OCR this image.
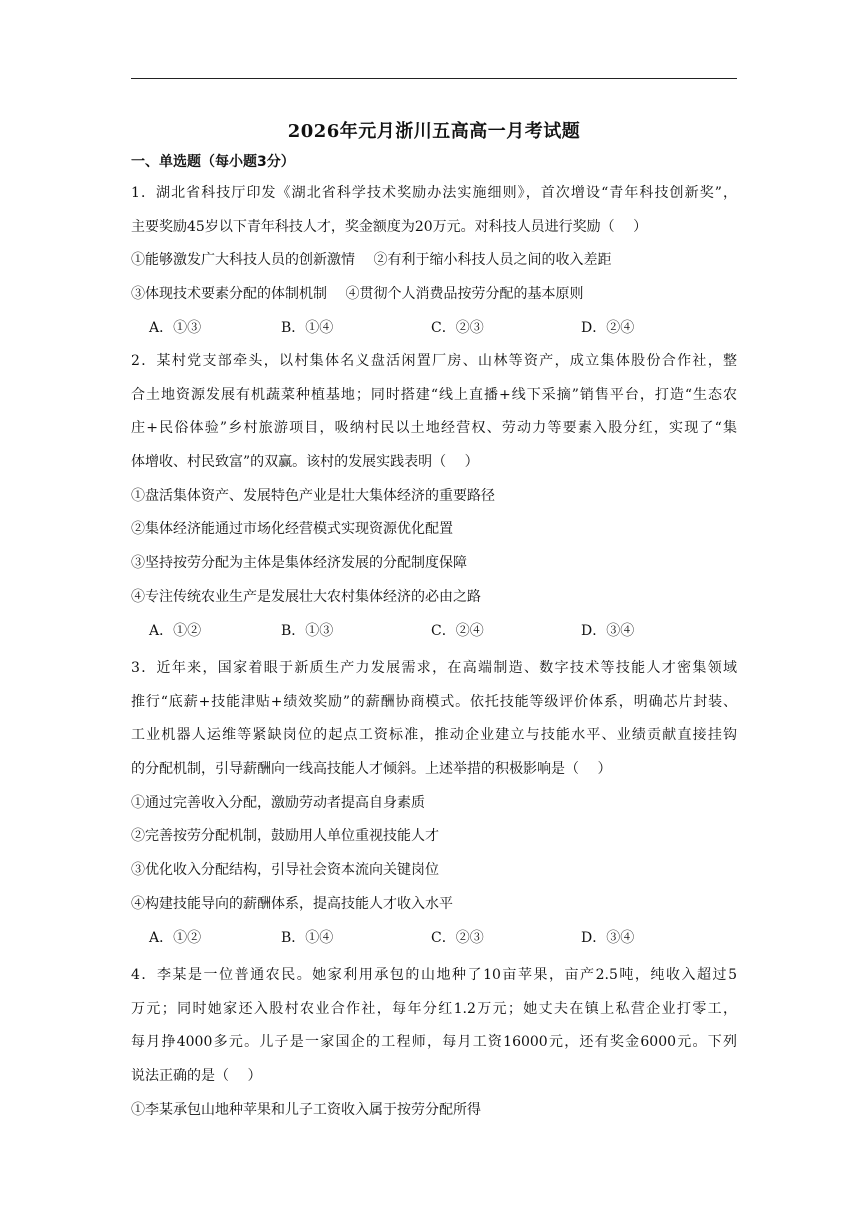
2026年元月浙川五高高一月考试题
一、单选题（每小题3分）
1．湖北省科技厅印发《湖北省科学技术奖励办法实施细则》，首次增设“青年科技创新奖”，
主要奖励45岁以下青年科技人才，奖金额度为20万元。对科技人员进行奖励（　 ）
①能够激发广大科技人员的创新激情　 ②有利于缩小科技人员之间的收入差距
③体现技术要素分配的体制机制　 ④贯彻个人消费品按劳分配的基本原则
A．①③	B．①④	C．②③	D．②④
2．某村党支部牵头，以村集体名义盘活闲置厂房、山林等资产，成立集体股份合作社，整
合土地资源发展有机蔬菜种植基地；同时搭建“线上直播+线下采摘”销售平台，打造“生态农
庄+民俗体验”乡村旅游项目，吸纳村民以土地经营权、劳动力等要素入股分红，实现了“集
体增收、村民致富”的双赢。该村的发展实践表明（　 ）
①盘活集体资产、发展特色产业是壮大集体经济的重要路径
②集体经济能通过市场化经营模式实现资源优化配置
③坚持按劳分配为主体是集体经济发展的分配制度保障
④专注传统农业生产是发展壮大农村集体经济的必由之路
A．①②	B．①③	C．②④	D．③④
3．近年来，国家着眼于新质生产力发展需求，在高端制造、数字技术等技能人才密集领域
推行“底薪+技能津贴+绩效奖励”的薪酬协商模式。依托技能等级评价体系，明确芯片封装、
工业机器人运维等紧缺岗位的起点工资标准，推动企业建立与技能水平、业绩贡献直接挂钩
的分配机制，引导薪酬向一线高技能人才倾斜。上述举措的积极影响是（　 ）
①通过完善收入分配，激励劳动者提高自身素质
②完善按劳分配机制，鼓励用人单位重视技能人才
③优化收入分配结构，引导社会资本流向关键岗位
④构建技能导向的薪酬体系，提高技能人才收入水平
A．①②	B．①④	C．②③	D．③④
4．李某是一位普通农民。她家利用承包的山地种了10亩苹果，亩产2.5吨，纯收入超过5
万元；同时她家还入股村农业合作社，每年分红1.2万元；她丈夫在镇上私营企业打零工，
每月挣4000多元。儿子是一家国企的工程师，每月工资16000元，还有奖金6000元。下列
说法正确的是（　 ）
①李某承包山地种苹果和儿子工资收入属于按劳分配所得
